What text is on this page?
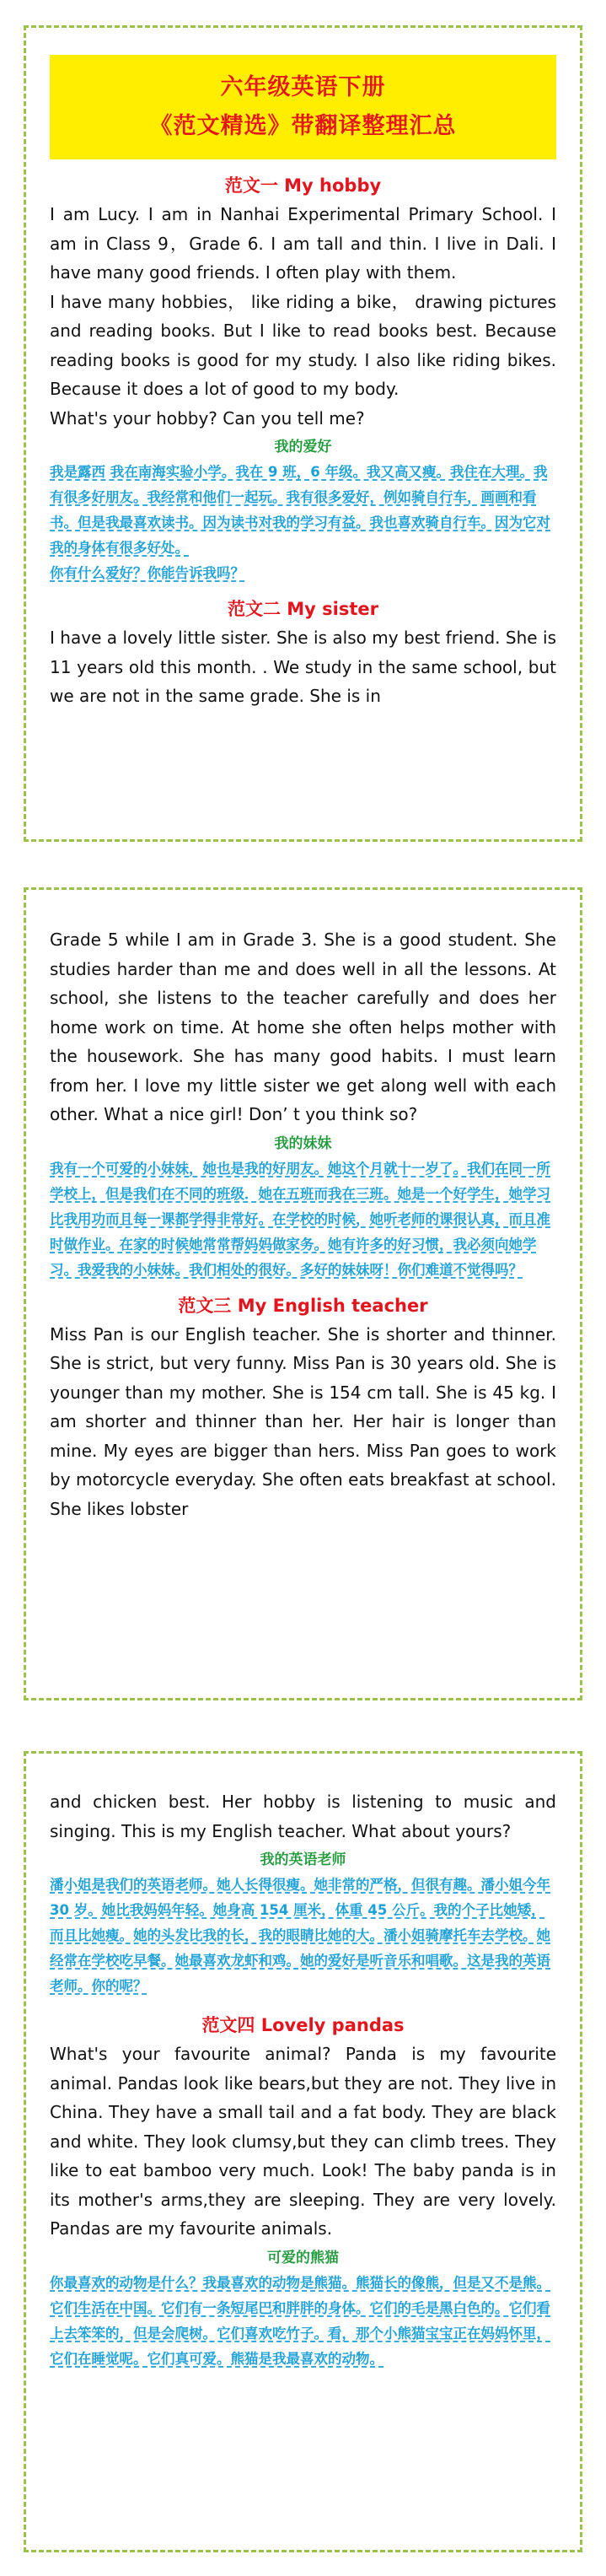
六年级英语下册
《范文精选》带翻译整理汇总
范文一 My hobby

I am Lucy. I am in Nanhai Experimental Primary School. I am in Class 9，Grade 6. I am tall and thin. I live in Dali. I have many good friends. I often play with them.

I have many hobbies， like riding a bike， drawing pictures and reading books. But I like to read books best. Because reading books is good for my study. I also like riding bikes. Because it does a lot of good to my body.

What's your hobby? Can you tell me?

我的爱好

我是露西 我在南海实验小学。我在 9 班，6 年级。我又高又瘦。我住在大理。我有很多好朋友。我经常和他们一起玩。我有很多爱好，例如骑自行车，画画和看书。但是我最喜欢读书。因为读书对我的学习有益。我也喜欢骑自行车。因为它对我的身体有很多好处。

你有什么爱好？你能告诉我吗？

范文二 My sister

I have a lovely little sister. She is also my best friend. She is 11 years old this month. . We study in the same school, but we are not in the same grade. She is in

Grade 5 while I am in Grade 3. She is a good student. She studies harder than me and does well in all the lessons. At school, she listens to the teacher carefully and does her home work on time. At home she often helps mother with the housework. She has many good habits. I must learn from her. I love my little sister we get along well with each other. What a nice girl! Don’ t you think so?

我的妹妹

我有一个可爱的小妹妹，她也是我的好朋友。她这个月就十一岁了。我们在同一所学校上，但是我们在不同的班级．她在五班而我在三班。她是一个好学生，她学习比我用功而且每一课都学得非常好。在学校的时候，她听老师的课很认真，而且准时做作业。在家的时候她常常帮妈妈做家务。她有许多的好习惯，我必须向她学习。我爱我的小妹妹。我们相处的很好。多好的妹妹呀！你们难道不觉得吗？

范文三 My English teacher

Miss Pan is our English teacher. She is shorter and thinner. She is strict, but very funny. Miss Pan is 30 years old. She is younger than my mother. She is 154 cm tall. She is 45 kg. I am shorter and thinner than her. Her hair is longer than mine. My eyes are bigger than hers. Miss Pan goes to work by motorcycle everyday. She often eats breakfast at school. She likes lobster

and chicken best. Her hobby is listening to music and singing. This is my English teacher. What about yours?

我的英语老师

潘小姐是我们的英语老师。她人长得很瘦。她非常的严格，但很有趣。潘小姐今年 30 岁。她比我妈妈年轻。她身高 154 厘米，体重 45 公斤。我的个子比她矮，而且比她瘦。她的头发比我的长，我的眼睛比她的大。潘小姐骑摩托车去学校。她经常在学校吃早餐。她最喜欢龙虾和鸡。她的爱好是听音乐和唱歌。这是我的英语老师。你的呢？

范文四 Lovely pandas

What's your favourite animal? Panda is my favourite animal. Pandas look like bears,but they are not. They live in China. They have a small tail and a fat body. They are black and white. They look clumsy,but they can climb trees. They like to eat bamboo very much. Look! The baby panda is in its mother's arms,they are sleeping. They are very lovely. Pandas are my favourite animals.

可爱的熊猫

你最喜欢的动物是什么？我最喜欢的动物是熊猫。熊猫长的像熊，但是又不是熊。它们生活在中国。它们有一条短尾巴和胖胖的身体。它们的毛是黑白色的。它们看上去笨笨的，但是会爬树。它们喜欢吃竹子。看，那个小熊猫宝宝正在妈妈怀里，它们在睡觉呢。它们真可爱。熊猫是我最喜欢的动物。
